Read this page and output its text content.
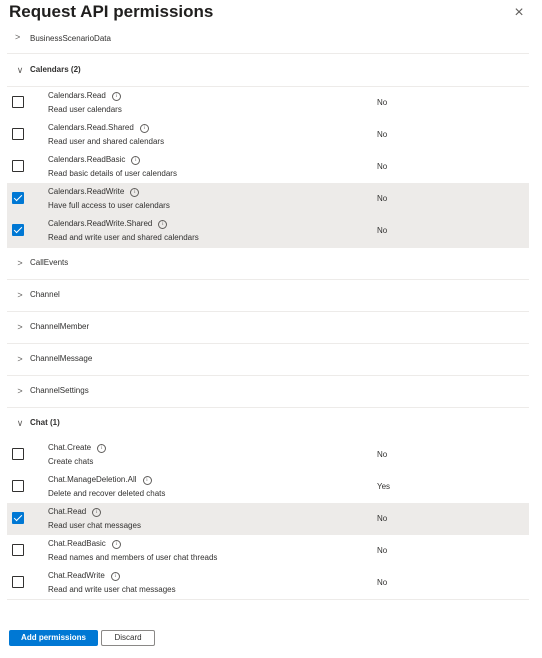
Request API permissions	×
> BusinessScenarioData
∨ Calendars (2)
Calendars.Read i
Read user calendars
No
Calendars.Read.Shared i
Read user and shared calendars
No
Calendars.ReadBasic i
Read basic details of user calendars
No
Calendars.ReadWrite i
Have full access to user calendars
No
Calendars.ReadWrite.Shared i
Read and write user and shared calendars
No
> CallEvents
> Channel
> ChannelMember
> ChannelMessage
> ChannelSettings
∨ Chat (1)
Chat.Create i
Create chats
No
Chat.ManageDeletion.All i
Delete and recover deleted chats
Yes
Chat.Read i
Read user chat messages
No
Chat.ReadBasic i
Read names and members of user chat threads
No
Chat.ReadWrite i
Read and write user chat messages
No
Add permissions	Discard
